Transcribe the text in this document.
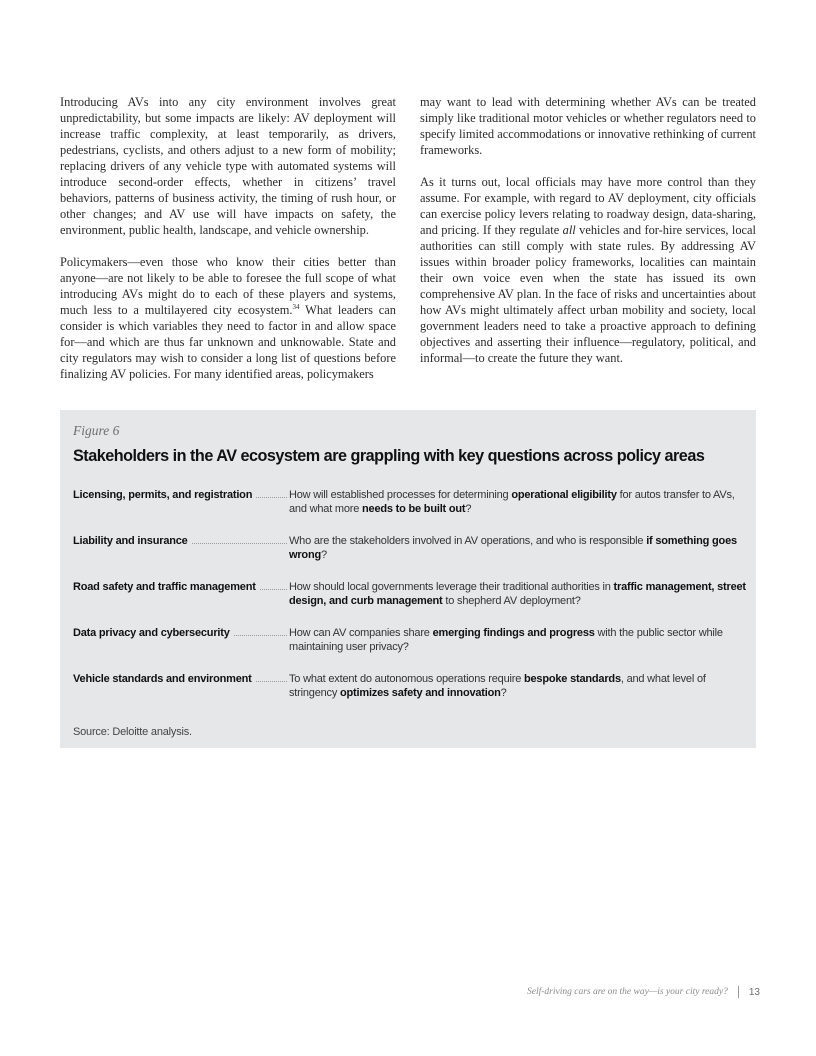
Introducing AVs into any city environment involves great unpredictability, but some impacts are likely: AV deployment will increase traffic complexity, at least temporarily, as drivers, pedestrians, cyclists, and others adjust to a new form of mobility; replacing drivers of any vehicle type with automated systems will introduce second-order effects, whether in citizens’ travel behaviors, patterns of business activity, the timing of rush hour, or other changes; and AV use will have impacts on safety, the environment, public health, landscape, and vehicle ownership.

Policymakers—even those who know their cities better than anyone—are not likely to be able to foresee the full scope of what introducing AVs might do to each of these players and systems, much less to a multilayered city ecosystem.$^{34}$ What leaders can consider is which variables they need to factor in and allow space for—and which are thus far unknown and unknowable. State and city regulators may wish to consider a long list of questions before finalizing AV policies. For many identified areas, policymakers

may want to lead with determining whether AVs can be treated simply like traditional motor vehicles or whether regulators need to specify limited accommodations or innovative rethinking of current frameworks.

As it turns out, local officials may have more control than they assume. For example, with regard to AV deployment, city officials can exercise policy levers relating to roadway design, data-sharing, and pricing. If they regulate all vehicles and for-hire services, local authorities can still comply with state rules. By addressing AV issues within broader policy frameworks, localities can maintain their own voice even when the state has issued its own comprehensive AV plan. In the face of risks and uncertainties about how AVs might ultimately affect urban mobility and society, local government leaders need to take a proactive approach to defining objectives and asserting their influence—regulatory, political, and informal—to create the future they want.

Figure 6
Stakeholders in the AV ecosystem are grappling with key questions across policy areas
Licensing, permits, and registration	How will established processes for determining operational eligibility for autos transfer to AVs, and what more needs to be built out?
Liability and insurance	Who are the stakeholders involved in AV operations, and who is responsible if something goes wrong?
Road safety and traffic management	How should local governments leverage their traditional authorities in traffic management, street design, and curb management to shepherd AV deployment?
Data privacy and cybersecurity	How can AV companies share emerging findings and progress with the public sector while maintaining user privacy?
Vehicle standards and environment	To what extent do autonomous operations require bespoke standards, and what level of stringency optimizes safety and innovation?
Source: Deloitte analysis.
Self-driving cars are on the way—is your city ready? 13
